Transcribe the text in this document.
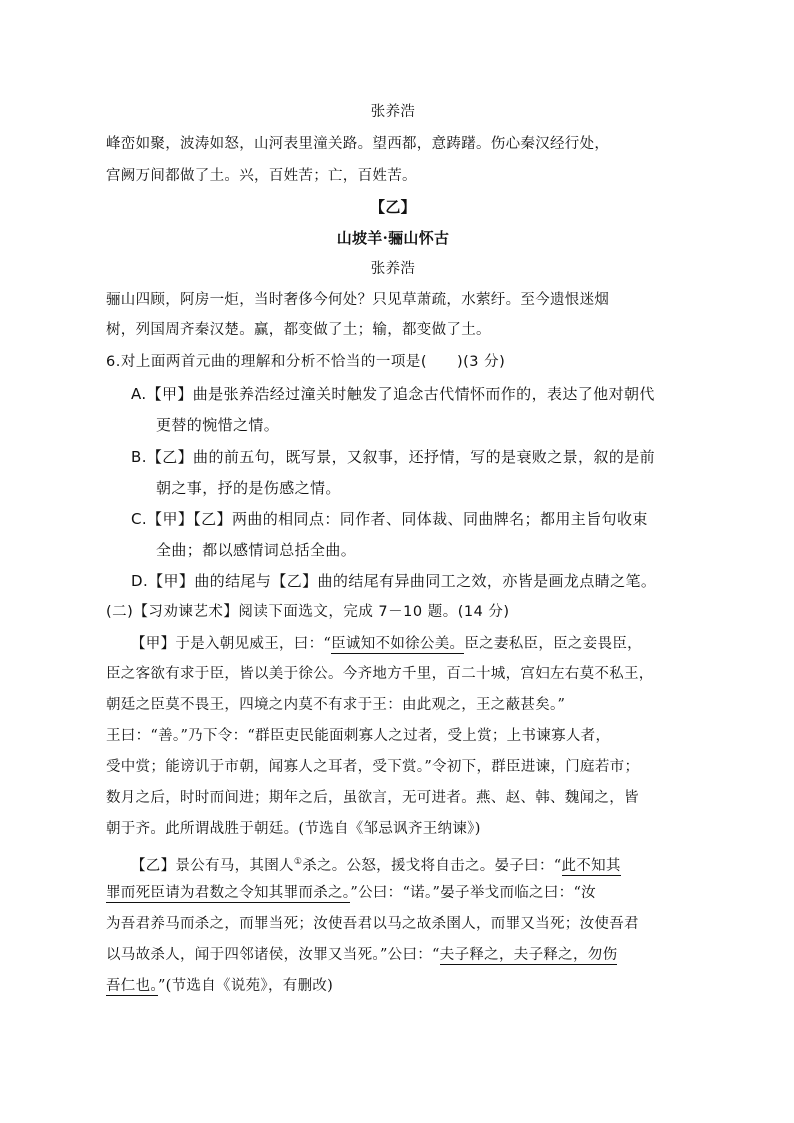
张养浩
峰峦如聚，波涛如怒，山河表里潼关路。望西都，意踌躇。伤心秦汉经行处，
宫阙万间都做了土。兴，百姓苦；亡，百姓苦。
【乙】
山坡羊·骊山怀古
张养浩
骊山四顾，阿房一炬，当时奢侈今何处？只见草萧疏，水萦纡。至今遗恨迷烟
树，列国周齐秦汉楚。赢，都变做了土；输，都变做了土。
6.对上面两首元曲的理解和分析不恰当的一项是(　　)(3 分)
A.【甲】曲是张养浩经过潼关时触发了追念古代情怀而作的，表达了他对朝代
更替的惋惜之情。
B.【乙】曲的前五句，既写景，又叙事，还抒情，写的是衰败之景，叙的是前
朝之事，抒的是伤感之情。
C.【甲】【乙】两曲的相同点：同作者、同体裁、同曲牌名；都用主旨句收束
全曲；都以感情词总括全曲。
D.【甲】曲的结尾与【乙】曲的结尾有异曲同工之效，亦皆是画龙点睛之笔。
(二)【习劝谏艺术】阅读下面选文，完成 7－10 题。(14 分)
【甲】于是入朝见威王，曰：“臣诚知不如徐公美。臣之妻私臣，臣之妾畏臣，
臣之客欲有求于臣，皆以美于徐公。今齐地方千里，百二十城，宫妇左右莫不私王，
朝廷之臣莫不畏王，四境之内莫不有求于王：由此观之，王之蔽甚矣。”
王曰：“善。”乃下令：“群臣吏民能面刺寡人之过者，受上赏；上书谏寡人者，
受中赏；能谤讥于市朝，闻寡人之耳者，受下赏。”令初下，群臣进谏，门庭若市；
数月之后，时时而间进；期年之后，虽欲言，无可进者。燕、赵、韩、魏闻之，皆
朝于齐。此所谓战胜于朝廷。(节选自《邹忌讽齐王纳谏》)
【乙】景公有马，其圉人①杀之。公怒，援戈将自击之。晏子曰：“此不知其
罪而死臣请为君数之令知其罪而杀之。”公曰：“诺。”晏子举戈而临之曰：“汝
为吾君养马而杀之，而罪当死；汝使吾君以马之故杀圉人，而罪又当死；汝使吾君
以马故杀人，闻于四邻诸侯，汝罪又当死。”公曰：“夫子释之，夫子释之，勿伤
吾仁也。”(节选自《说苑》，有删改)
